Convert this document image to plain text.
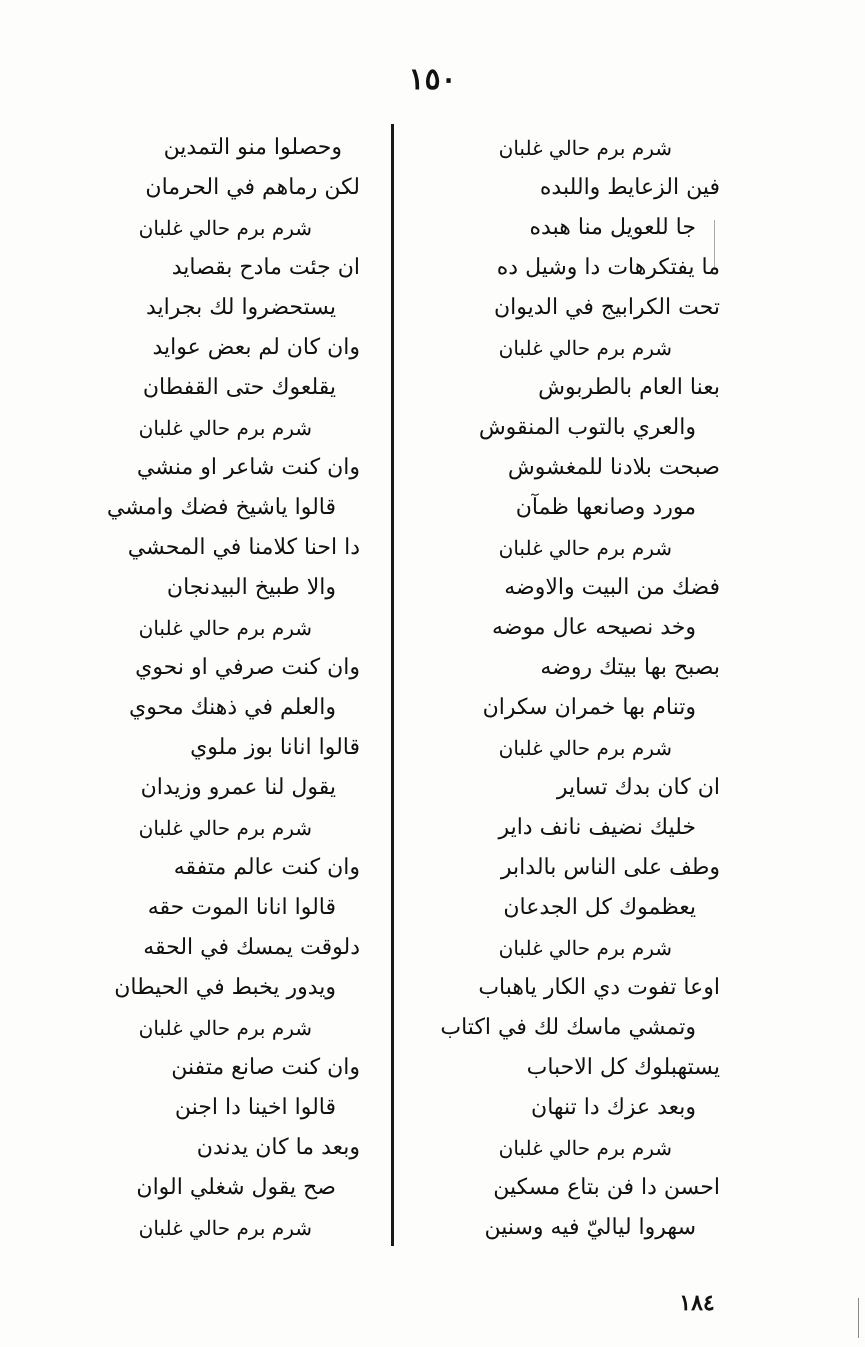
١٥٠
شرم برم حالي غلبان
فين الزعايط واللبده
جا للعويل منا هبده
ما يفتكرهات دا وشيل ده
تحت الكرابيج في الديوان
شرم برم حالي غلبان
بعنا العام بالطربوش
والعري بالتوب المنقوش
صبحت بلادنا للمغشوش
مورد وصانعها ظمآن
شرم برم حالي غلبان
فضك من البيت والاوضه
وخد نصيحه عال موضه
بصبح بها بيتك روضه
وتنام بها خمران سكران
شرم برم حالي غلبان
ان كان بدك تساير
خليك نضيف نانف داير
وطف على الناس بالدابر
يعظموك كل الجدعان
شرم برم حالي غلبان
اوعا تفوت دي الكار ياهباب
وتمشي ماسك لك في اكتاب
يستهبلوك كل الاحباب
وبعد عزك دا تنهان
شرم برم حالي غلبان
احسن دا فن بتاع مسكين
سهروا لياليّ فيه وسنين
وحصلوا منو التمدين
لكن رماهم في الحرمان
شرم برم حالي غلبان
ان جئت مادح بقصايد
يستحضروا لك بجرايد
وان كان لم بعض عوايد
يقلعوك حتى القفطان
شرم برم حالي غلبان
وان كنت شاعر او منشي
قالوا ياشيخ فضك وامشي
دا احنا كلامنا في المحشي
والا طبيخ البيدنجان
شرم برم حالي غلبان
وان كنت صرفي او نحوي
والعلم في ذهنك محوي
قالوا انانا بوز ملوي
يقول لنا عمرو وزيدان
شرم برم حالي غلبان
وان كنت عالم متفقه
قالوا انانا الموت حقه
دلوقت يمسك في الحقه
ويدور يخبط في الحيطان
شرم برم حالي غلبان
وان كنت صانع متفنن
قالوا اخينا دا اجنن
وبعد ما كان يدندن
صح يقول شغلي الوان
شرم برم حالي غلبان
١٨٤
